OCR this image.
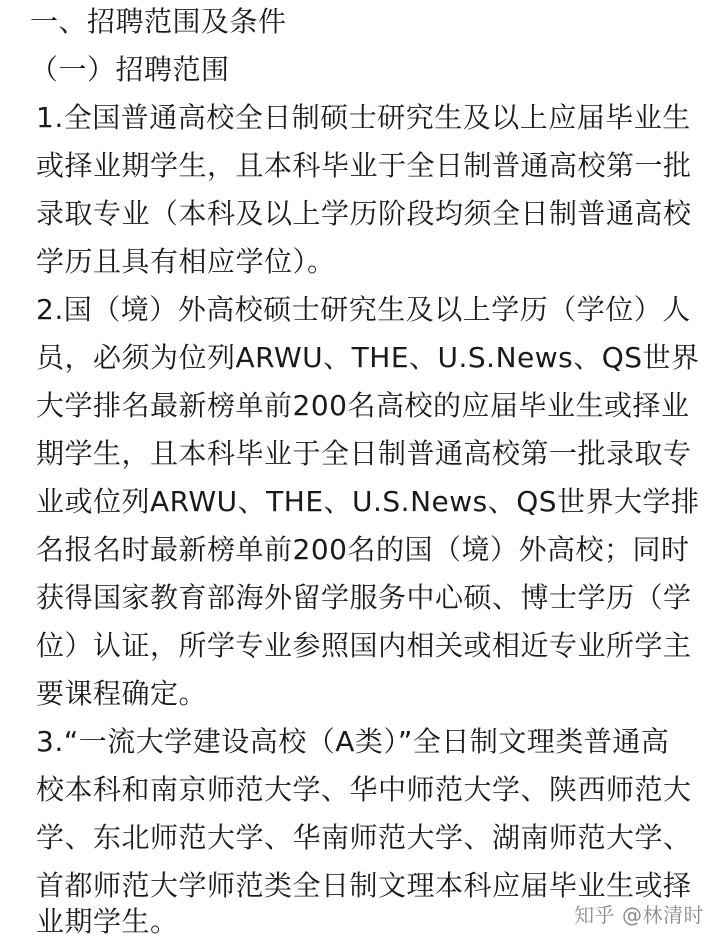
一、招聘范围及条件
（一）招聘范围
1.全国普通高校全日制硕士研究生及以上应届毕业生
或择业期学生，且本科毕业于全日制普通高校第一批
录取专业（本科及以上学历阶段均须全日制普通高校
学历且具有相应学位）。
2.国（境）外高校硕士研究生及以上学历（学位）人
员，必须为位列ARWU、THE、U.S.News、QS世界
大学排名最新榜单前200名高校的应届毕业生或择业
期学生，且本科毕业于全日制普通高校第一批录取专
业或位列ARWU、THE、U.S.News、QS世界大学排
名报名时最新榜单前200名的国（境）外高校；同时
获得国家教育部海外留学服务中心硕、博士学历（学
位）认证，所学专业参照国内相关或相近专业所学主
要课程确定。
3.“一流大学建设高校（A类）”全日制文理类普通高
校本科和南京师范大学、华中师范大学、陕西师范大
学、东北师范大学、华南师范大学、湖南师范大学、
首都师范大学师范类全日制文理本科应届毕业生或择
业期学生。	知乎 @林清时
